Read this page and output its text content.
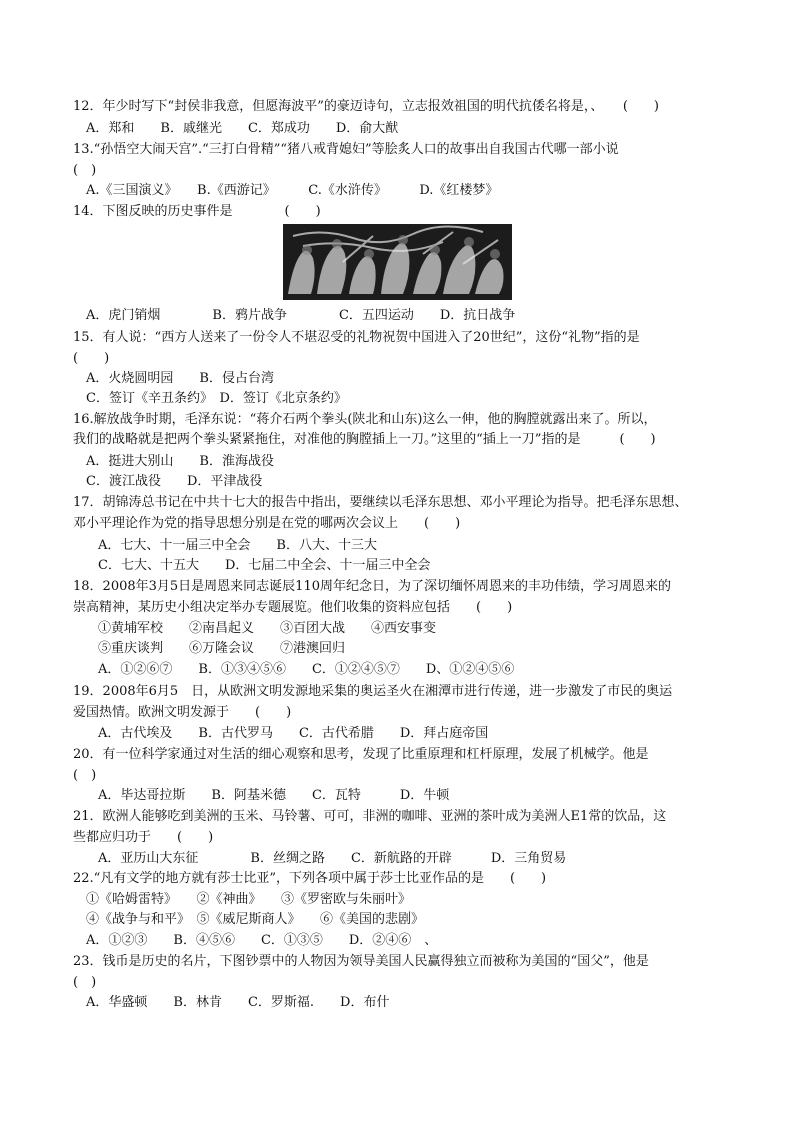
12．年少时写下“封侯非我意，但愿海波平”的豪迈诗句，立志报效祖国的明代抗倭名将是，、　　(　　)
A．郑和　　B．戚继光　　C．郑成功　　D．俞大猷
13.“孙悟空大闹天宫”.“三打白骨精”“猪八戒背媳妇”等脍炙人口的故事出自我国古代哪一部小说
(　)
A.《三国演义》　　B.《西游记》　　　C.《水浒传》　　　D.《红楼梦》
14．下图反映的历史事件是　　　　(　　)
A．虎门销烟　　　　B．鸦片战争　　　　C．五四运动　　D．抗日战争
15．有人说：“西方人送来了一份令人不堪忍受的礼物祝贺中国进入了20世纪”，这份“礼物”指的是
(　　)
A．火烧圆明园　　B．侵占台湾
C．签订《辛丑条约》　D．签订《北京条约》
16.解放战争时期，毛泽东说：“蒋介石两个拳头(陕北和山东)这么一伸，他的胸膛就露出来了。所以，
我们的战略就是把两个拳头紧紧拖住，对准他的胸膛插上一刀。”这里的“插上一刀”指的是　　　(　　)
A．挺进大别山　　B．淮海战役
C．渡江战役　　D．平津战役
17．胡锦涛总书记在中共十七大的报告中指出，要继续以毛泽东思想、邓小平理论为指导。把毛泽东思想、
邓小平理论作为党的指导思想分别是在党的哪两次会议上　　(　　)
A．七大、十一届三中全会　　B．八大、十三大
C．七大、十五大　　D．七届二中全会、十一届三中全会
18．2008年3月5日是周恩来同志诞辰110周年纪念日，为了深切缅怀周恩来的丰功伟绩，学习周恩来的
崇高精神，某历史小组决定举办专题展览。他们收集的资料应包括　　(　　)
①黄埔军校　　②南昌起义　　③百团大战　　④西安事变
⑤重庆谈判　　⑥万隆会议　　⑦港澳回归
A．①②⑥⑦　　B．①③④⑤⑥　　C．①②④⑤⑦　　D、①②④⑤⑥
19．2008年6月5　日，从欧洲文明发源地采集的奥运圣火在湘潭市进行传递，进一步激发了市民的奥运
爱国热情。欧洲文明发源于　　(　　)
A．古代埃及　　B．古代罗马　　C．古代希腊　　D．拜占庭帝国
20．有一位科学家通过对生活的细心观察和思考，发现了比重原理和杠杆原理，发展了机械学。他是
(　)
A．毕达哥拉斯　　B．阿基米德　　C．瓦特　　　D．牛顿
21．欧洲人能够吃到美洲的玉米、马铃薯、可可，非洲的咖啡、亚洲的茶叶成为美洲人E1常的饮品，这
些都应归功于　　(　　)
A．亚历山大东征　　　　B．丝绸之路　　C．新航路的开辟　　　D．三角贸易
22.“凡有文学的地方就有莎士比亚”，下列各项中属于莎士比亚作品的是　　(　　)
①《哈姆雷特》　　②《神曲》　　③《罗密欧与朱丽叶》
④《战争与和平》　⑤《威尼斯商人》　　⑥《美国的悲剧》
A．①②③　　B．④⑤⑥　　C．①③⑤　　D．②④⑥　、
23．钱币是历史的名片，下图钞票中的人物因为领导美国人民赢得独立而被称为美国的“国父”，他是
(　)
A．华盛顿　　B．林肯　　C．罗斯福.　　D．布什
